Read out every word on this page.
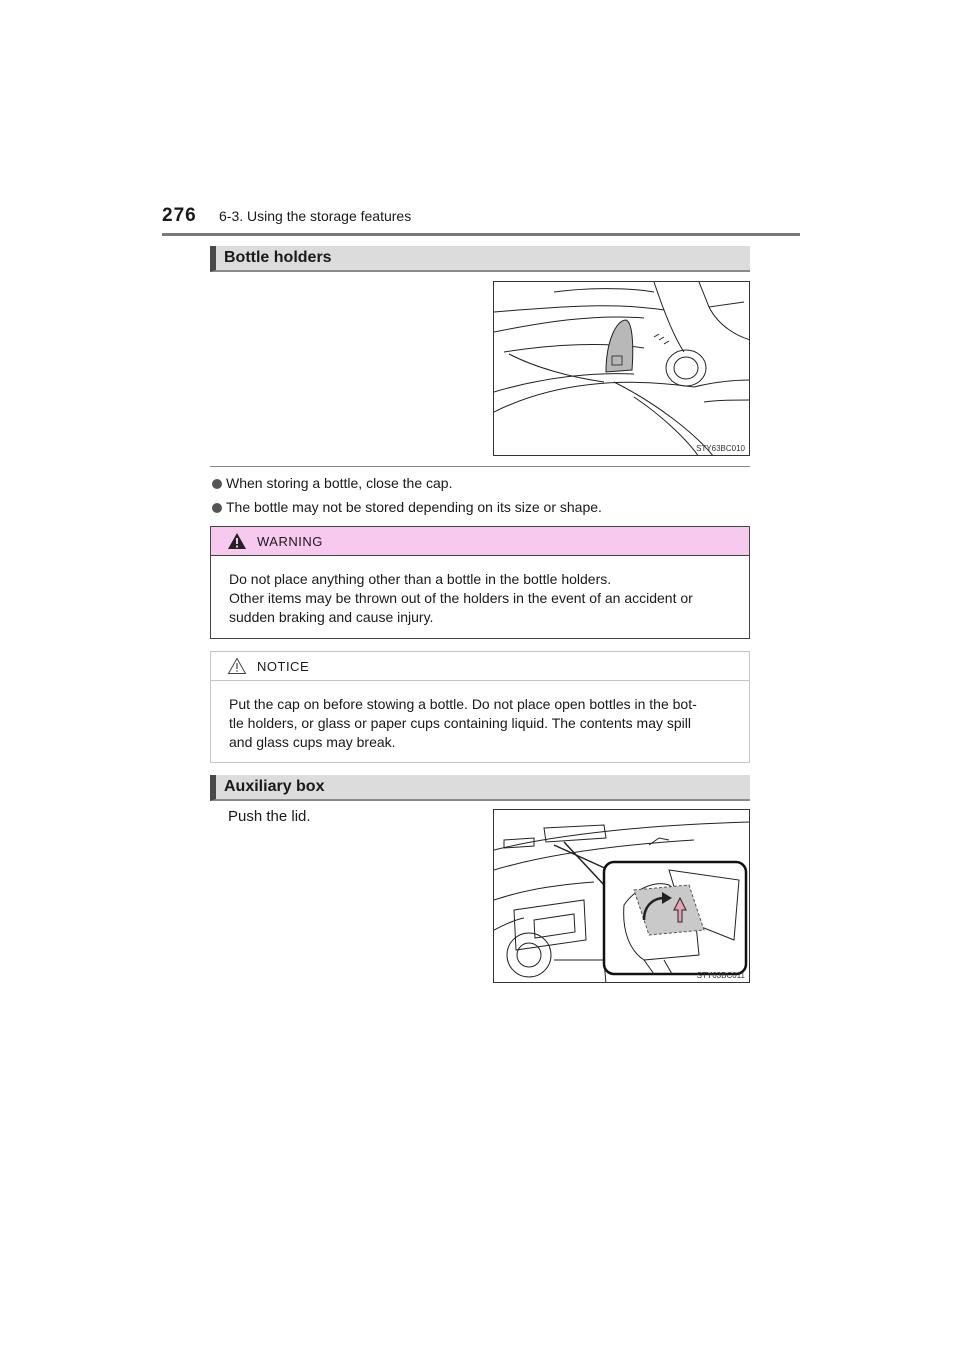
276 6-3. Using the storage features
Bottle holders
STY63BC010
When storing a bottle, close the cap.
The bottle may not be stored depending on its size or shape.
WARNING
Do not place anything other than a bottle in the bottle holders.
Other items may be thrown out of the holders in the event of an accident or
sudden braking and cause injury.
NOTICE
Put the cap on before stowing a bottle. Do not place open bottles in the bot-
tle holders, or glass or paper cups containing liquid. The contents may spill
and glass cups may break.
Auxiliary box
Push the lid.
STY63BC011
